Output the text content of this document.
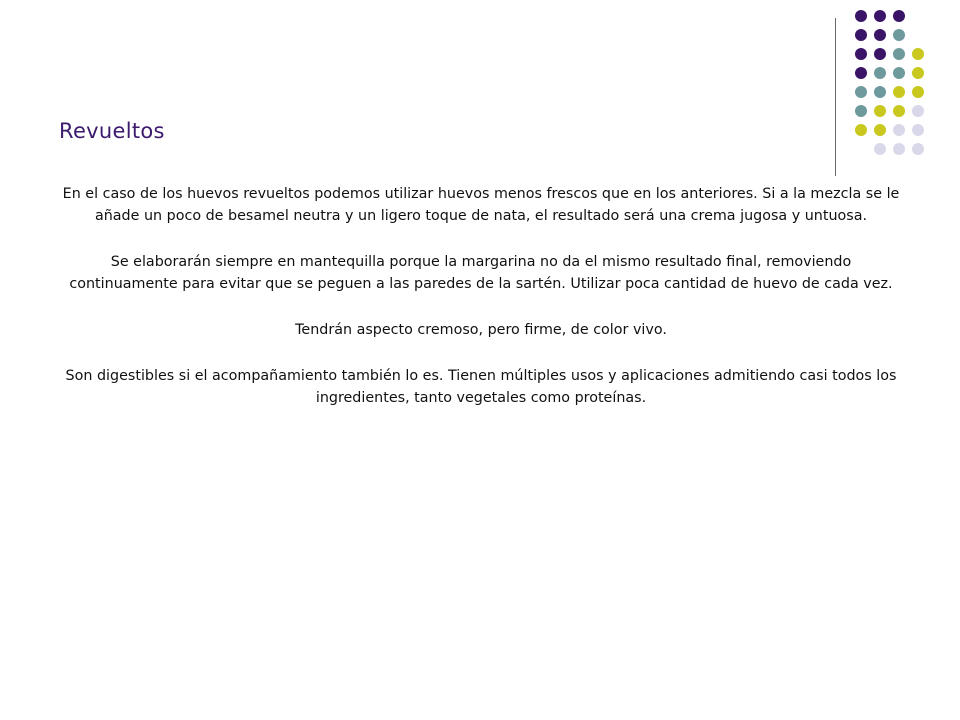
Revueltos

En el caso de los huevos revueltos podemos utilizar huevos menos frescos que en los anteriores. Si a la mezcla se le añade un poco de besamel neutra y un ligero toque de nata, el resultado será una crema jugosa y untuosa.

Se elaborarán siempre en mantequilla porque la margarina no da el mismo resultado final, removiendo continuamente para evitar que se peguen a las paredes de la sartén. Utilizar poca cantidad de huevo de cada vez.

Tendrán aspecto cremoso, pero firme, de color vivo.

Son digestibles si el acompañamiento también lo es. Tienen múltiples usos y aplicaciones admitiendo casi todos los ingredientes, tanto vegetales como proteínas.
